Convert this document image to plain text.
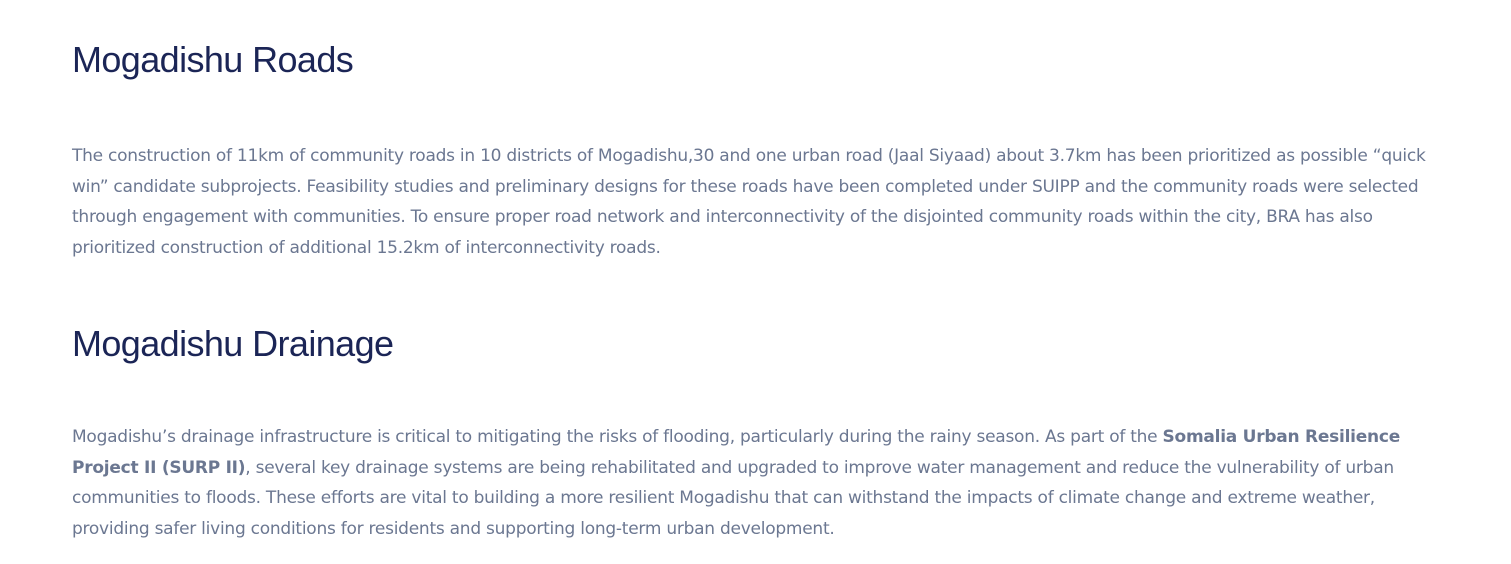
Mogadishu Roads

The construction of 11km of community roads in 10 districts of Mogadishu,30 and one urban road (Jaal Siyaad) about 3.7km has been prioritized as possible “quick win” candidate subprojects. Feasibility studies and preliminary designs for these roads have been completed under SUIPP and the community roads were selected through engagement with communities. To ensure proper road network and interconnectivity of the disjointed community roads within the city, BRA has also prioritized construction of additional 15.2km of interconnectivity roads.

Mogadishu Drainage

Mogadishu’s drainage infrastructure is critical to mitigating the risks of flooding, particularly during the rainy season. As part of the Somalia Urban Resilience Project II (SURP II), several key drainage systems are being rehabilitated and upgraded to improve water management and reduce the vulnerability of urban communities to floods. These efforts are vital to building a more resilient Mogadishu that can withstand the impacts of climate change and extreme weather, providing safer living conditions for residents and supporting long-term urban development.
